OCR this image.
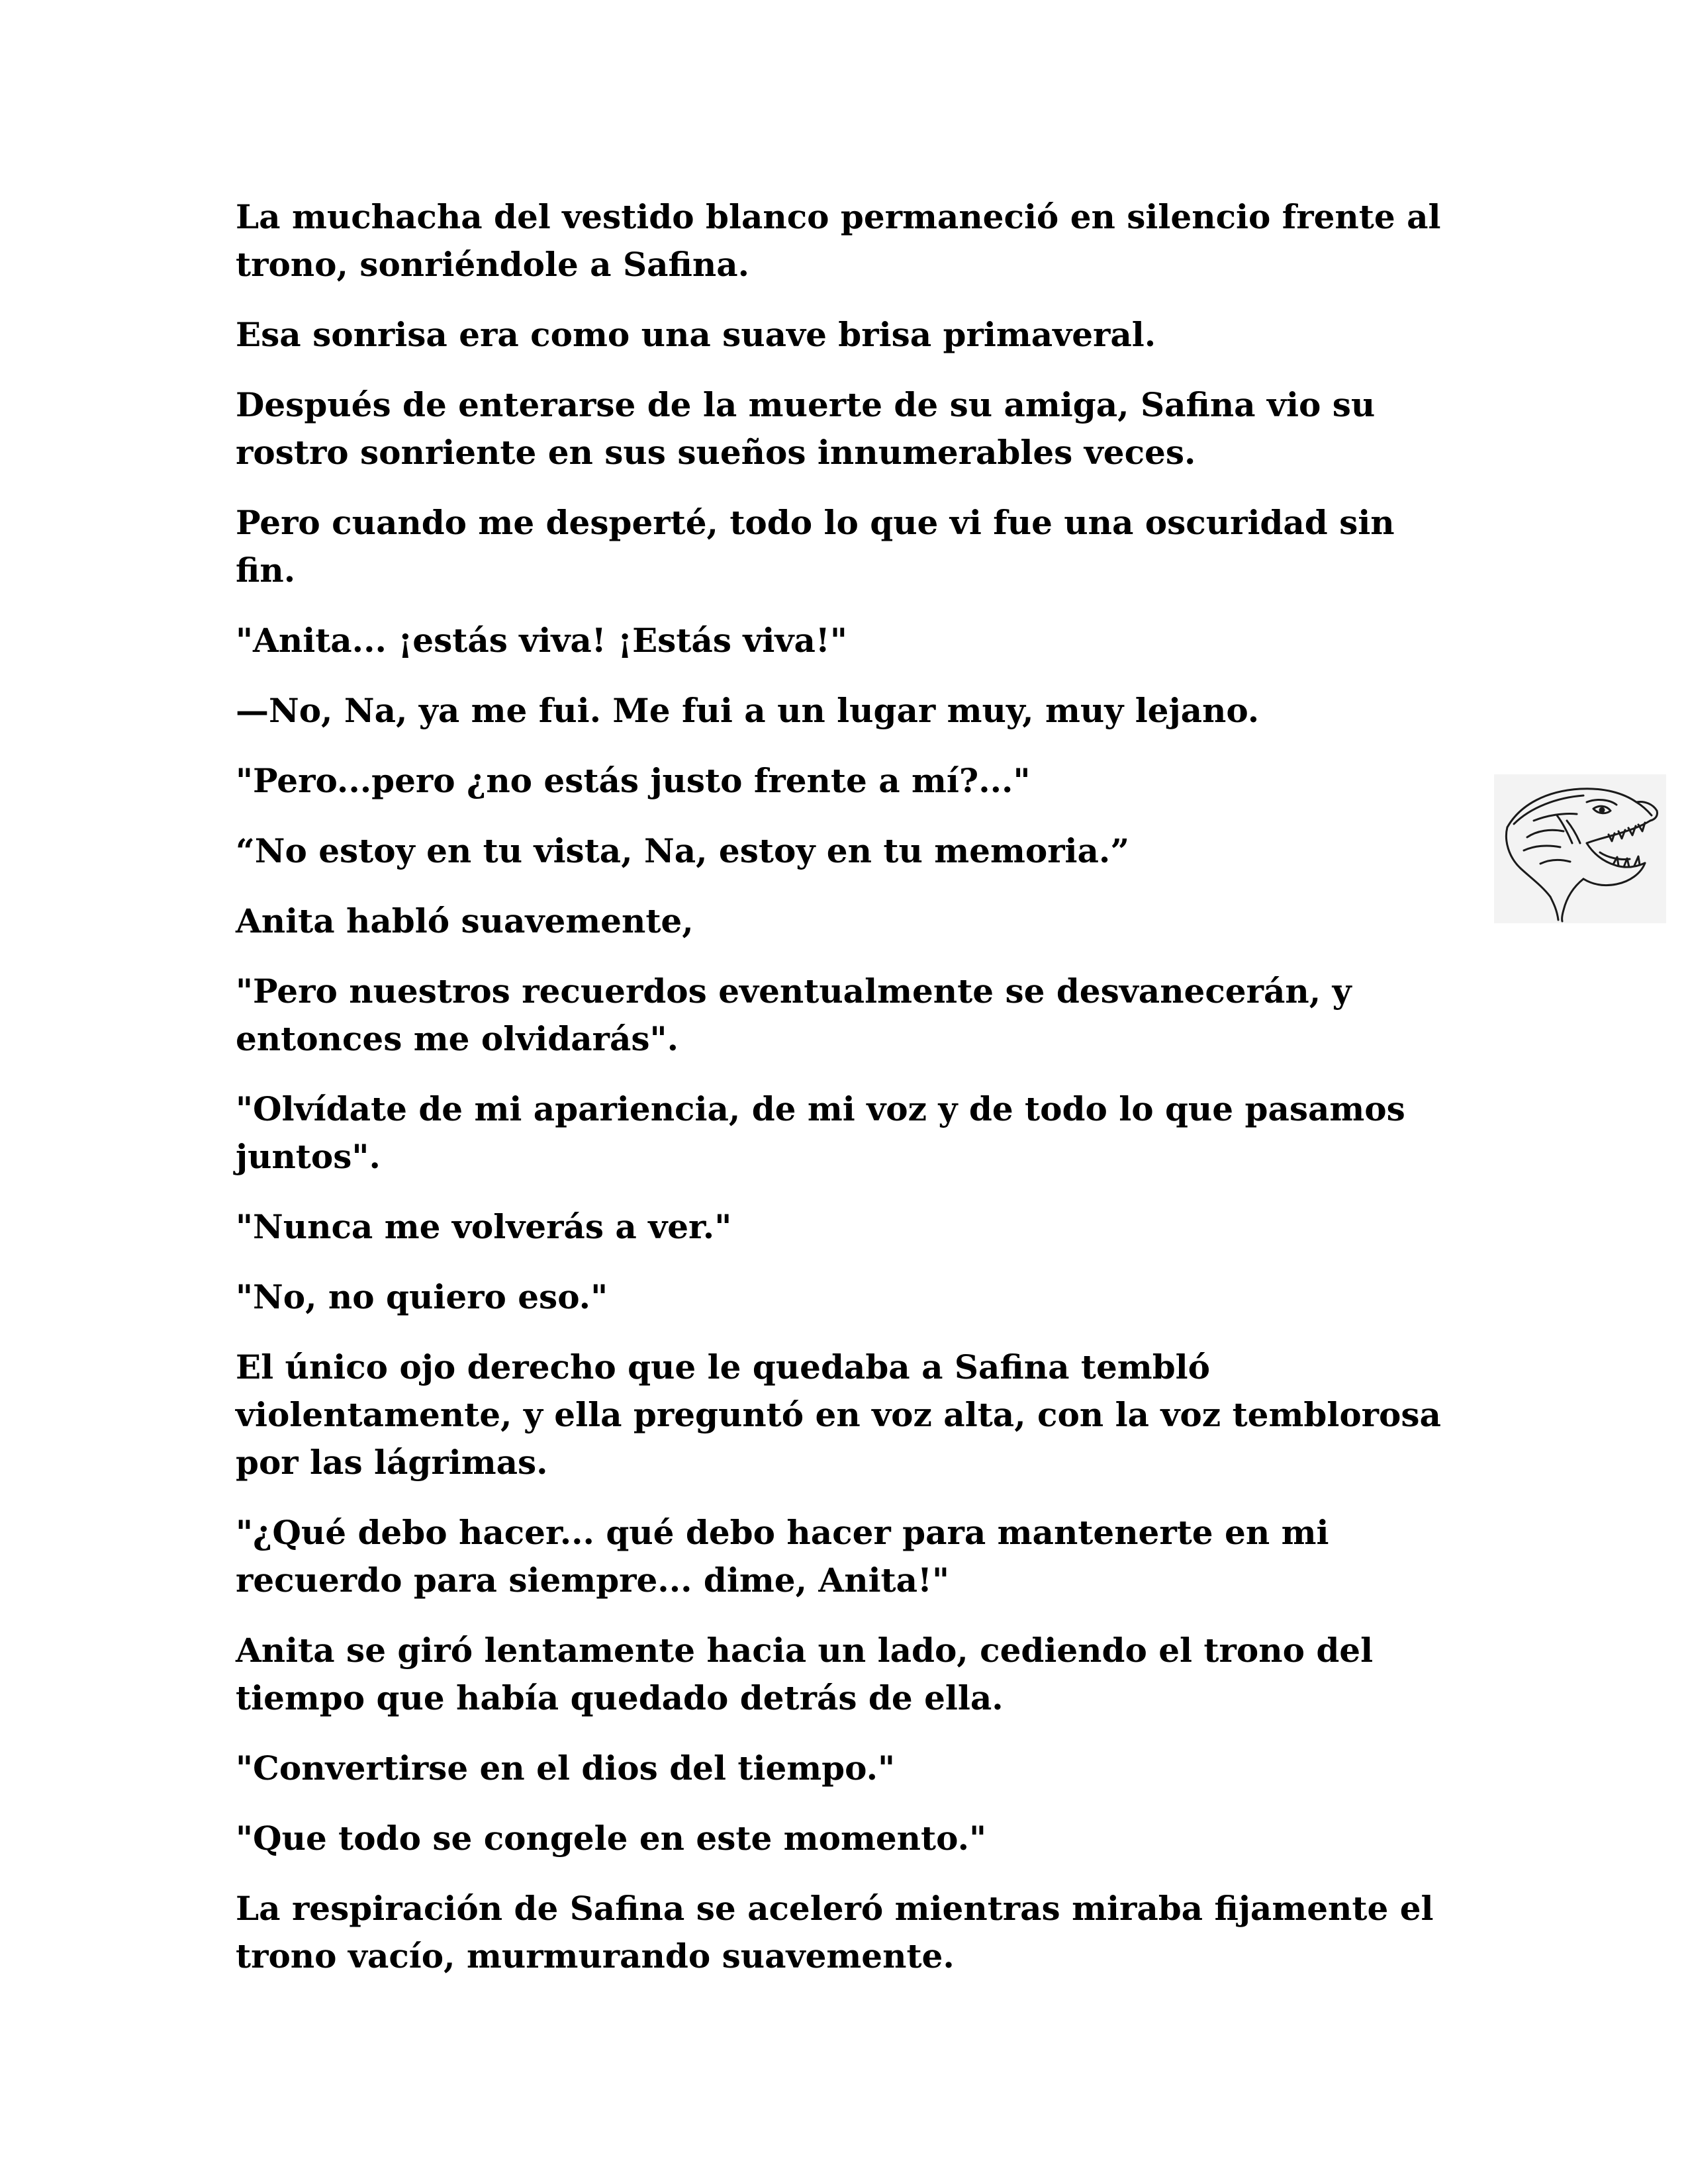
La muchacha del vestido blanco permaneció en silencio frente al trono, sonriéndole a Safina.

Esa sonrisa era como una suave brisa primaveral.

Después de enterarse de la muerte de su amiga, Safina vio su rostro sonriente en sus sueños innumerables veces.

Pero cuando me desperté, todo lo que vi fue una oscuridad sin fin.

"Anita... ¡estás viva! ¡Estás viva!"

—No, Na, ya me fui. Me fui a un lugar muy, muy lejano.

"Pero...pero ¿no estás justo frente a mí?..."

“No estoy en tu vista, Na, estoy en tu memoria.”

Anita habló suavemente,

"Pero nuestros recuerdos eventualmente se desvanecerán, y entonces me olvidarás".

"Olvídate de mi apariencia, de mi voz y de todo lo que pasamos juntos".

"Nunca me volverás a ver."

"No, no quiero eso."

El único ojo derecho que le quedaba a Safina tembló violentamente, y ella preguntó en voz alta, con la voz temblorosa por las lágrimas.

"¿Qué debo hacer... qué debo hacer para mantenerte en mi recuerdo para siempre... dime, Anita!"

Anita se giró lentamente hacia un lado, cediendo el trono del tiempo que había quedado detrás de ella.

"Convertirse en el dios del tiempo."

"Que todo se congele en este momento."

La respiración de Safina se aceleró mientras miraba fijamente el trono vacío, murmurando suavemente.
